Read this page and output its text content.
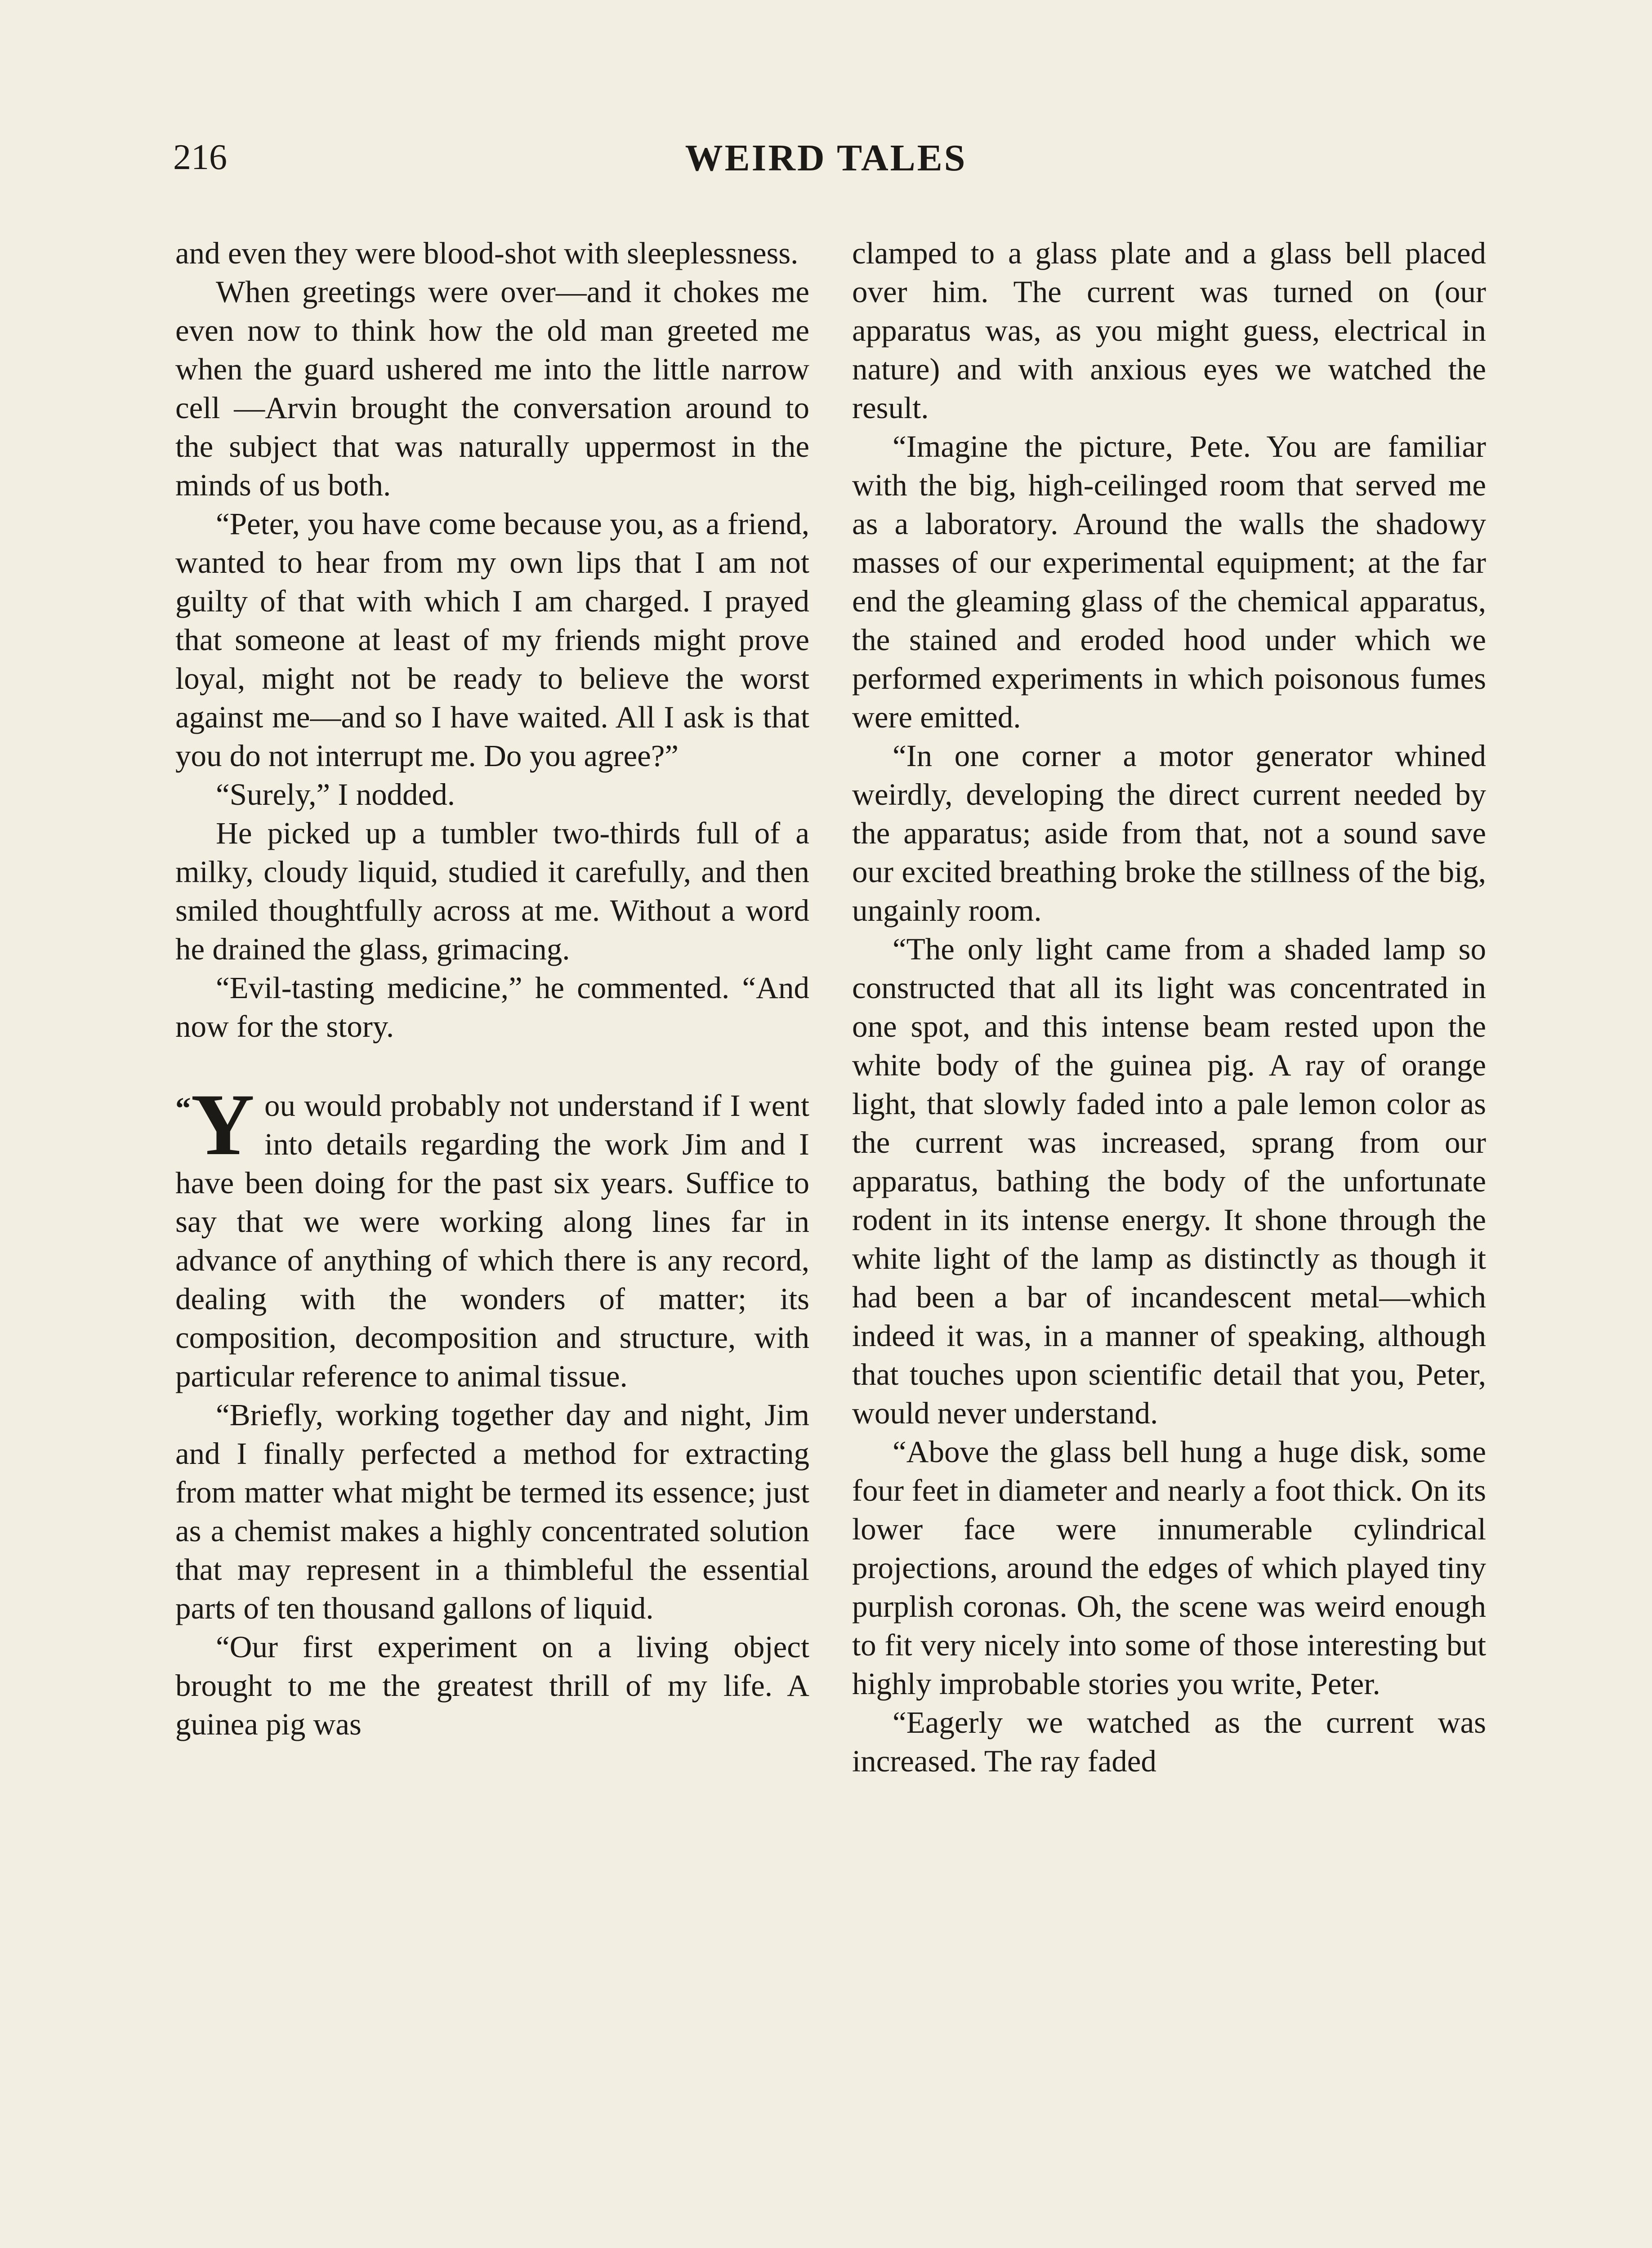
216	WEIRD TALES

and even they were blood-shot with sleeplessness.

When greetings were over—and it chokes me even now to think how the old man greeted me when the guard ushered me into the little narrow cell —Arvin brought the conversation around to the subject that was naturally uppermost in the minds of us both.

“Peter, you have come because you, as a friend, wanted to hear from my own lips that I am not guilty of that with which I am charged. I prayed that someone at least of my friends might prove loyal, might not be ready to believe the worst against me—and so I have waited. All I ask is that you do not interrupt me. Do you agree?”

“Surely,” I nodded.

He picked up a tumbler two-thirds full of a milky, cloudy liquid, studied it carefully, and then smiled thoughtfully across at me. Without a word he drained the glass, grimacing.

“Evil-tasting medicine,” he commented. “And now for the story.

“Y ou would probably not understand if I went into details regarding the work Jim and I have been doing for the past six years. Suffice to say that we were working along lines far in advance of anything of which there is any record, dealing with the wonders of matter; its composition, decomposition and structure, with particular reference to animal tissue.

“Briefly, working together day and night, Jim and I finally perfected a method for extracting from matter what might be termed its essence; just as a chemist makes a highly concentrated solution that may represent in a thimbleful the essential parts of ten thousand gallons of liquid.

“Our first experiment on a living object brought to me the greatest thrill of my life. A guinea pig was

clamped to a glass plate and a glass bell placed over him. The current was turned on (our apparatus was, as you might guess, electrical in nature) and with anxious eyes we watched the result.

“Imagine the picture, Pete. You are familiar with the big, high-ceilinged room that served me as a laboratory. Around the walls the shadowy masses of our experimental equipment; at the far end the gleaming glass of the chemical apparatus, the stained and eroded hood under which we performed experiments in which poisonous fumes were emitted.

“In one corner a motor generator whined weirdly, developing the direct current needed by the apparatus; aside from that, not a sound save our excited breathing broke the stillness of the big, ungainly room.

“The only light came from a shaded lamp so constructed that all its light was concentrated in one spot, and this intense beam rested upon the white body of the guinea pig. A ray of orange light, that slowly faded into a pale lemon color as the current was increased, sprang from our apparatus, bathing the body of the unfortunate rodent in its intense energy. It shone through the white light of the lamp as distinctly as though it had been a bar of incandescent metal—which indeed it was, in a manner of speaking, although that touches upon scientific detail that you, Peter, would never understand.

“Above the glass bell hung a huge disk, some four feet in diameter and nearly a foot thick. On its lower face were innumerable cylindrical projections, around the edges of which played tiny purplish coronas. Oh, the scene was weird enough to fit very nicely into some of those interesting but highly improbable stories you write, Peter.

“Eagerly we watched as the current was increased. The ray faded
